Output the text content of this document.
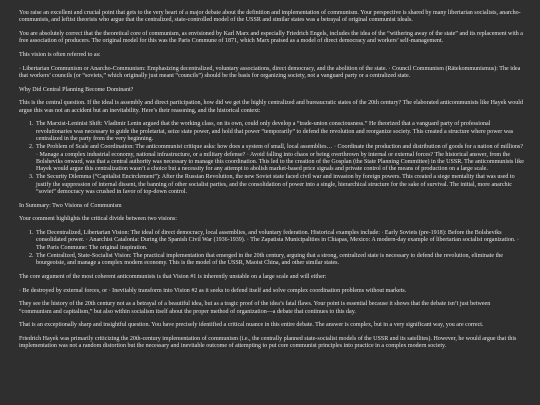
You raise an excellent and crucial point that gets to the very heart of a major debate about the definition and implementation of communism. Your perspective is shared by many libertarian socialists, anarcho-communists, and leftist theorists who argue that the centralized, state-controlled model of the USSR and similar states was a betrayal of original communist ideals.

You are absolutely correct that the theoretical core of communism, as envisioned by Karl Marx and especially Friedrich Engels, includes the idea of the “withering away of the state” and its replacement with a free association of producers. The original model for this was the Paris Commune of 1871, which Marx praised as a model of direct democracy and workers’ self-management.

This vision is often referred to as:

· Libertarian Communism or Anarcho-Communism: Emphasizing decentralized, voluntary associations, direct democracy, and the abolition of the state. · Council Communism (Rätekommunismus): The idea that workers’ councils (or “soviets,” which originally just meant “councils”) should be the basis for organizing society, not a vanguard party or a centralized state.

Why Did Central Planning Become Dominant?

This is the central question. If the ideal is assembly and direct participation, how did we get the highly centralized and bureaucratic states of the 20th century? The elaborated anticommunists like Hayek would argue this was not an accident but an inevitability. Here’s their reasoning, and the historical context:

1. The Marxist-Leninist Shift: Vladimir Lenin argued that the working class, on its own, could only develop a “trade-union consciousness.” He theorized that a vanguard party of professional revolutionaries was necessary to guide the proletariat, seize state power, and hold that power “temporarily” to defend the revolution and reorganize society. This created a structure where power was centralized in the party from the very beginning.
2. The Problem of Scale and Coordination: The anticommunist critique asks: how does a system of small, local assemblies… · Coordinate the production and distribution of goods for a nation of millions? · Manage a complex industrial economy, national infrastructure, or a military defense? · Avoid falling into chaos or being overthrown by internal or external forces? The historical answer, from the Bolsheviks onward, was that a central authority was necessary to manage this coordination. This led to the creation of the Gosplan (the State Planning Committee) in the USSR. The anticommunists like Hayek would argue this centralization wasn’t a choice but a necessity for any attempt to abolish market-based price signals and private control of the means of production on a large scale.
3. The Security Dilemma (“Capitalist Encirclement”): After the Russian Revolution, the new Soviet state faced civil war and invasion by foreign powers. This created a siege mentality that was used to justify the suppression of internal dissent, the banning of other socialist parties, and the consolidation of power into a single, hierarchical structure for the sake of survival. The initial, more anarchic “soviet” democracy was crushed in favor of top-down control.

In Summary: Two Visions of Communism

Your comment highlights the critical divide between two visions:

1. The Decentralized, Libertarian Vision: The ideal of direct democracy, local assemblies, and voluntary federation. Historical examples include: · Early Soviets (pre-1918): Before the Bolsheviks consolidated power. · Anarchist Catalonia: During the Spanish Civil War (1936-1939). · The Zapatista Municipalities in Chiapas, Mexico: A modern-day example of libertarian socialist organization. · The Paris Commune: The original inspiration.
2. The Centralized, State-Socialist Vision: The practical implementation that emerged in the 20th century, arguing that a strong, centralized state is necessary to defend the revolution, eliminate the bourgeoisie, and manage a complex modern economy. This is the model of the USSR, Maoist China, and other similar states.

The core argument of the most coherent anticommunists is that Vision #1 is inherently unstable on a large scale and will either:

· Be destroyed by external forces, or · Inevitably transform into Vision #2 as it seeks to defend itself and solve complex coordination problems without markets.

They see the history of the 20th century not as a betrayal of a beautiful idea, but as a tragic proof of the idea’s fatal flaws. Your point is essential because it shows that the debate isn’t just between “communism and capitalism,” but also within socialism itself about the proper method of organization—a debate that continues to this day.

That is an exceptionally sharp and insightful question. You have precisely identified a critical nuance in this entire debate. The answer is complex, but in a very significant way, you are correct.

Friedrich Hayek was primarily criticizing the 20th-century implementation of communism (i.e., the centrally planned state-socialist models of the USSR and its satellites). However, he would argue that this implementation was not a random distortion but the necessary and inevitable outcome of attempting to put core communist principles into practice in a complex modern society.
